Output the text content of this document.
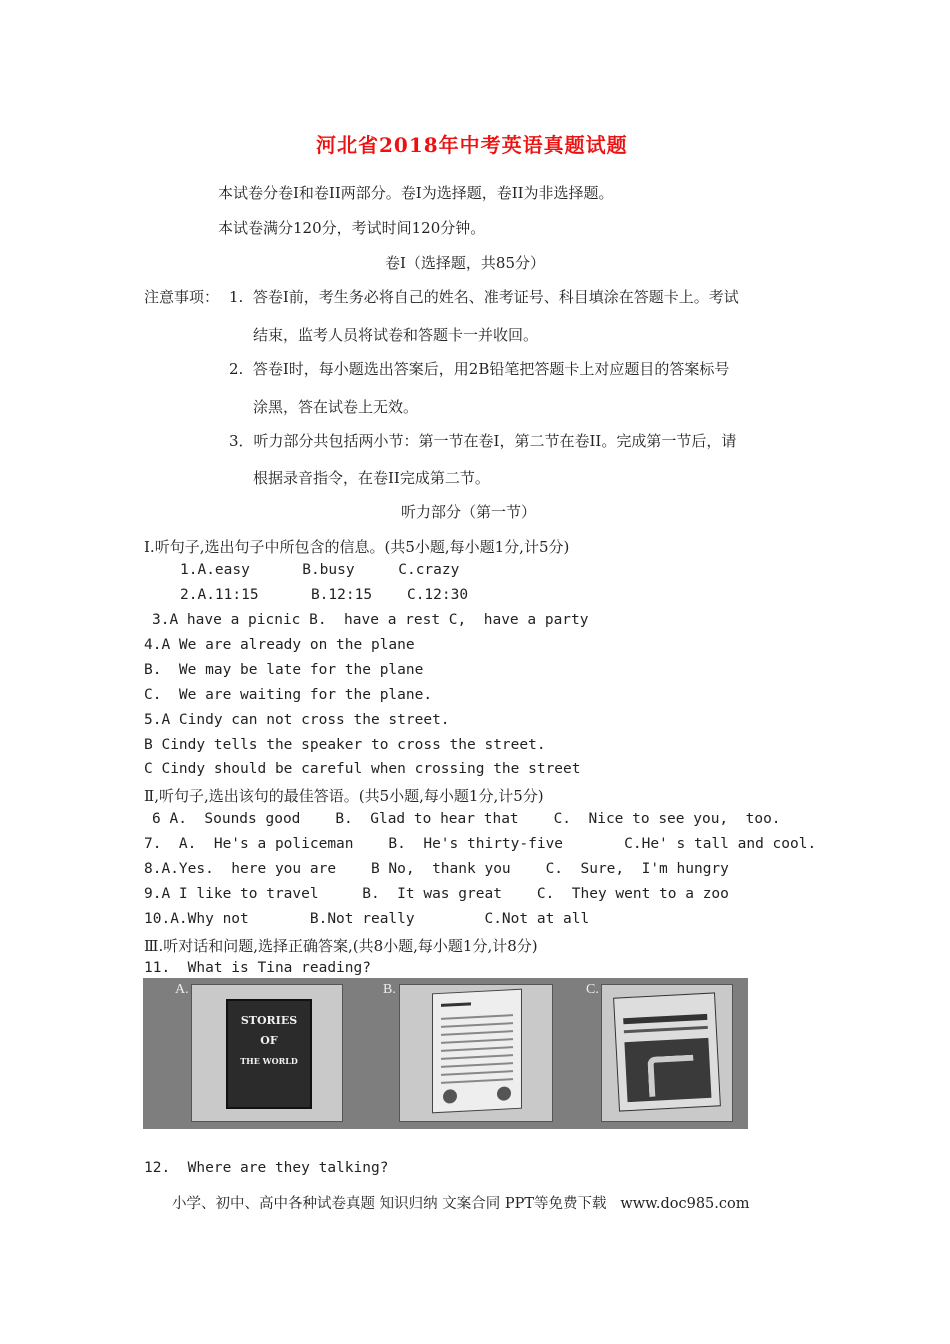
河北省2018年中考英语真题试题
本试卷分卷I和卷II两部分。卷I为选择题，卷II为非选择题。
本试卷满分120分，考试时间120分钟。
卷I（选择题，共85分）
注意事项： 1.  答卷I前，考生务必将自己的姓名、准考证号、科目填涂在答题卡上。考试
结束，监考人员将试卷和答题卡一并收回。
2.  答卷I时，每小题选出答案后，用2B铅笔把答题卡上对应题目的答案标号
涂黑，答在试卷上无效。
3．听力部分共包括两小节：第一节在卷I，第二节在卷II。完成第一节后，请
根据录音指令，在卷II完成第二节。
听力部分（第一节）
I.听句子,选出句子中所包含的信息。(共5小题,每小题1分,计5分)
1.A.easy      B.busy     C.crazy
2.A.11:15      B.12:15    C.12:30
3.A have a picnic B.  have a rest C,  have a party
4.A We are already on the plane
B.  We may be late for the plane
C.  We are waiting for the plane.
5.A Cindy can not cross the street.
B Cindy tells the speaker to cross the street.
C Cindy should be careful when crossing the street
Ⅱ,听句子,选出该句的最佳答语。(共5小题,每小题1分,计5分)
6 A.  Sounds good    B.  Glad to hear that    C.  Nice to see you,  too.
7.  A.  He's a policeman    B.  He's thirty-five       C.He' s tall and cool.
8.A.Yes.  here you are    B No,  thank you    C.  Sure,  I'm hungry
9.A I like to travel     B.  It was great    C.  They went to a zoo
10.A.Why not       B.Not really        C.Not at all
Ⅲ.听对话和问题,选择正确答案,(共8小题,每小题1分,计8分)
11.  What is Tina reading?
A.
STORIES
OF
THE WORLD
B.	C.
12.  Where are they talking?
小学、初中、高中各种试卷真题 知识归纳 文案合同 PPT等免费下载   www.doc985.com
